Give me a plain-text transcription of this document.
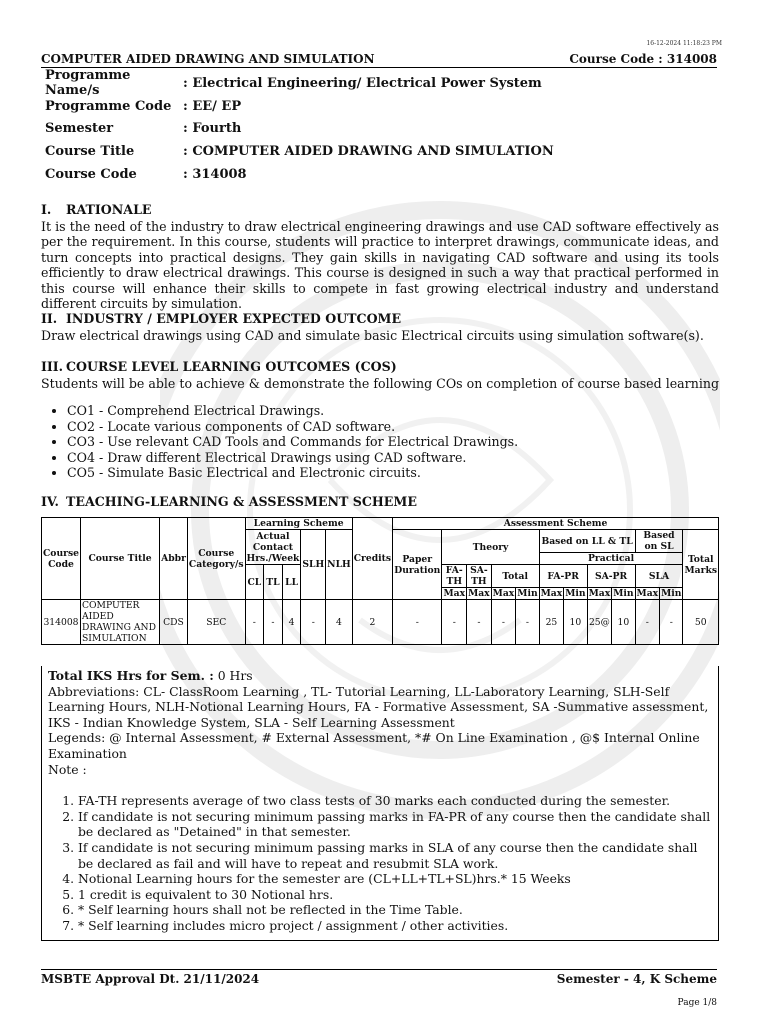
16-12-2024 11:18:23 PM
COMPUTER AIDED DRAWING AND SIMULATION	Course Code : 314008
Programme Name/s	: Electrical Engineering/ Electrical Power System
Programme Code : EE/ EP
Semester	: Fourth
Course Title	: COMPUTER AIDED DRAWING AND SIMULATION
Course Code	: 314008
I. RATIONALE
It is the need of the industry to draw electrical engineering drawings and use CAD software effectively as per the requirement. In this course, students will practice to interpret drawings, communicate ideas, and turn concepts into practical designs. They gain skills in navigating CAD software and using its tools efficiently to draw electrical drawings. This course is designed in such a way that practical performed in this course will enhance their skills to compete in fast growing electrical industry and understand different circuits by simulation.
II. INDUSTRY / EMPLOYER EXPECTED OUTCOME
Draw electrical drawings using CAD and simulate basic Electrical circuits using simulation software(s).
III. COURSE LEVEL LEARNING OUTCOMES (COS)
Students will be able to achieve & demonstrate the following COs on completion of course based learning
• CO1 - Comprehend Electrical Drawings.
• CO2 - Locate various components of CAD software.
• CO3 - Use relevant CAD Tools and Commands for Electrical Drawings.
• CO4 - Draw different Electrical Drawings using CAD software.
• CO5 - Simulate Basic Electrical and Electronic circuits.
IV. TEACHING-LEARNING & ASSESSMENT SCHEME
Course Code	Course Title	Abbr	Course Category/s	Learning Scheme					Credits	Assessment Scheme											
				Actual Contact Hrs./Week			SLH	NLH		Paper Duration	Theory				Based on LL & TL				Based on SL		Total Marks
															Practical						
				CL	TL	LL					FA-TH	SA-TH	Total		FA-PR		SA-PR		SLA		
											Max	Max	Max	Min	Max	Min	Max	Min	Max	Min	
314008	COMPUTER AIDED DRAWING AND SIMULATION	CDS	SEC	-	-	4	-	4	2	-	-	-	-	-	25	10	25@	10	-	-	50
Total IKS Hrs for Sem. : 0 Hrs
Abbreviations: CL- ClassRoom Learning , TL- Tutorial Learning, LL-Laboratory Learning, SLH-Self Learning Hours, NLH-Notional Learning Hours, FA - Formative Assessment, SA -Summative assessment, IKS - Indian Knowledge System, SLA - Self Learning Assessment
Legends: @ Internal Assessment, # External Assessment, *# On Line Examination , @$ Internal Online Examination
Note :
1. FA-TH represents average of two class tests of 30 marks each conducted during the semester.
2. If candidate is not securing minimum passing marks in FA-PR of any course then the candidate shall be declared as "Detained" in that semester.
3. If candidate is not securing minimum passing marks in SLA of any course then the candidate shall be declared as fail and will have to repeat and resubmit SLA work.
4. Notional Learning hours for the semester are (CL+LL+TL+SL)hrs.* 15 Weeks
5. 1 credit is equivalent to 30 Notional hrs.
6. * Self learning hours shall not be reflected in the Time Table.
7. * Self learning includes micro project / assignment / other activities.
MSBTE Approval Dt. 21/11/2024	Semester - 4, K Scheme
Page 1/8
